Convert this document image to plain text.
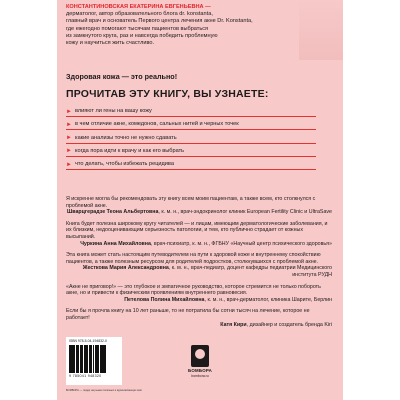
КОНСТАНТИНОВСКАЯ ЕКАТЕРИНА ЕВГЕНЬЕВНА —
дерматолог, автор образовательного блога dr. konstanta,
главный врач и основатель Первого центра лечения акне Dr. Konstanta,
где ежегодно помогают тысячам пациентов выбраться
из замкнутого круга, раз и навсегда победить проблемную
кожу и научиться жить счастливо.
Здоровая кожа — это реально!
ПРОЧИТАВ ЭТУ КНИГУ, ВЫ УЗНАЕТЕ:
► влияют ли гены на вашу кожу
► в чем отличие акне, комедонов, сальных нитей и черных точек
► какие анализы точно не нужно сдавать
► когда пора идти к врачу и как его выбрать
► что делать, чтобы избежать рецидива
Я искренне могла бы рекомендовать эту книгу всем моим пациентам, а также всем, кто столкнулся с проблемой акне.
Шварцгерадзе Теона Альбертовна, к. м. н., врач-эндокринолог клиник European Fertility Clinic и UltraSave
Книга будет полезна широкому кругу читателей — и лицам, имеющим дерматологические заболевания, и их близким, недооценивающим серьезность патологии, и тем, кто публично страдает от кожных высыпаний.
Чуркина Анна Михайловна, врач-психиатр, к. м. н., ФГБНУ «Научный центр психического здоровья»
Эта книга может стать настоящим путеводителем на пути к здоровой коже и внутреннему спокойствию пациентов, а также полезным ресурсом для родителей подростков, столкнувшихся с проблемой акне.
Жесткова Мария Александровна, к. м. н., врач-педиатр, доцент кафедры педиатрии Медицинского института РУДН
«Акне не приговор!» — это глубокое и эмпатичное руководство, которое стремится не только побороть акне, но и привести к физическим проявлениям внутреннего равновесия.
Петелова Полина Михайловна, к. м. н., врач-дерматолог, клиника Шарите, Берлин
Если бы я прочла книгу на 10 лет раньше, то не потратила бы сотни тысяч на лечение, которое не работает!
Катя Кири, дизайнер и создатель бренда Kiri
ISBN 978-5-04-194832-0
9 785041 948320
БОМБОРА
bombora.ru
БОМБОРА — лидер на рынке полезных и вдохновляющих книг
